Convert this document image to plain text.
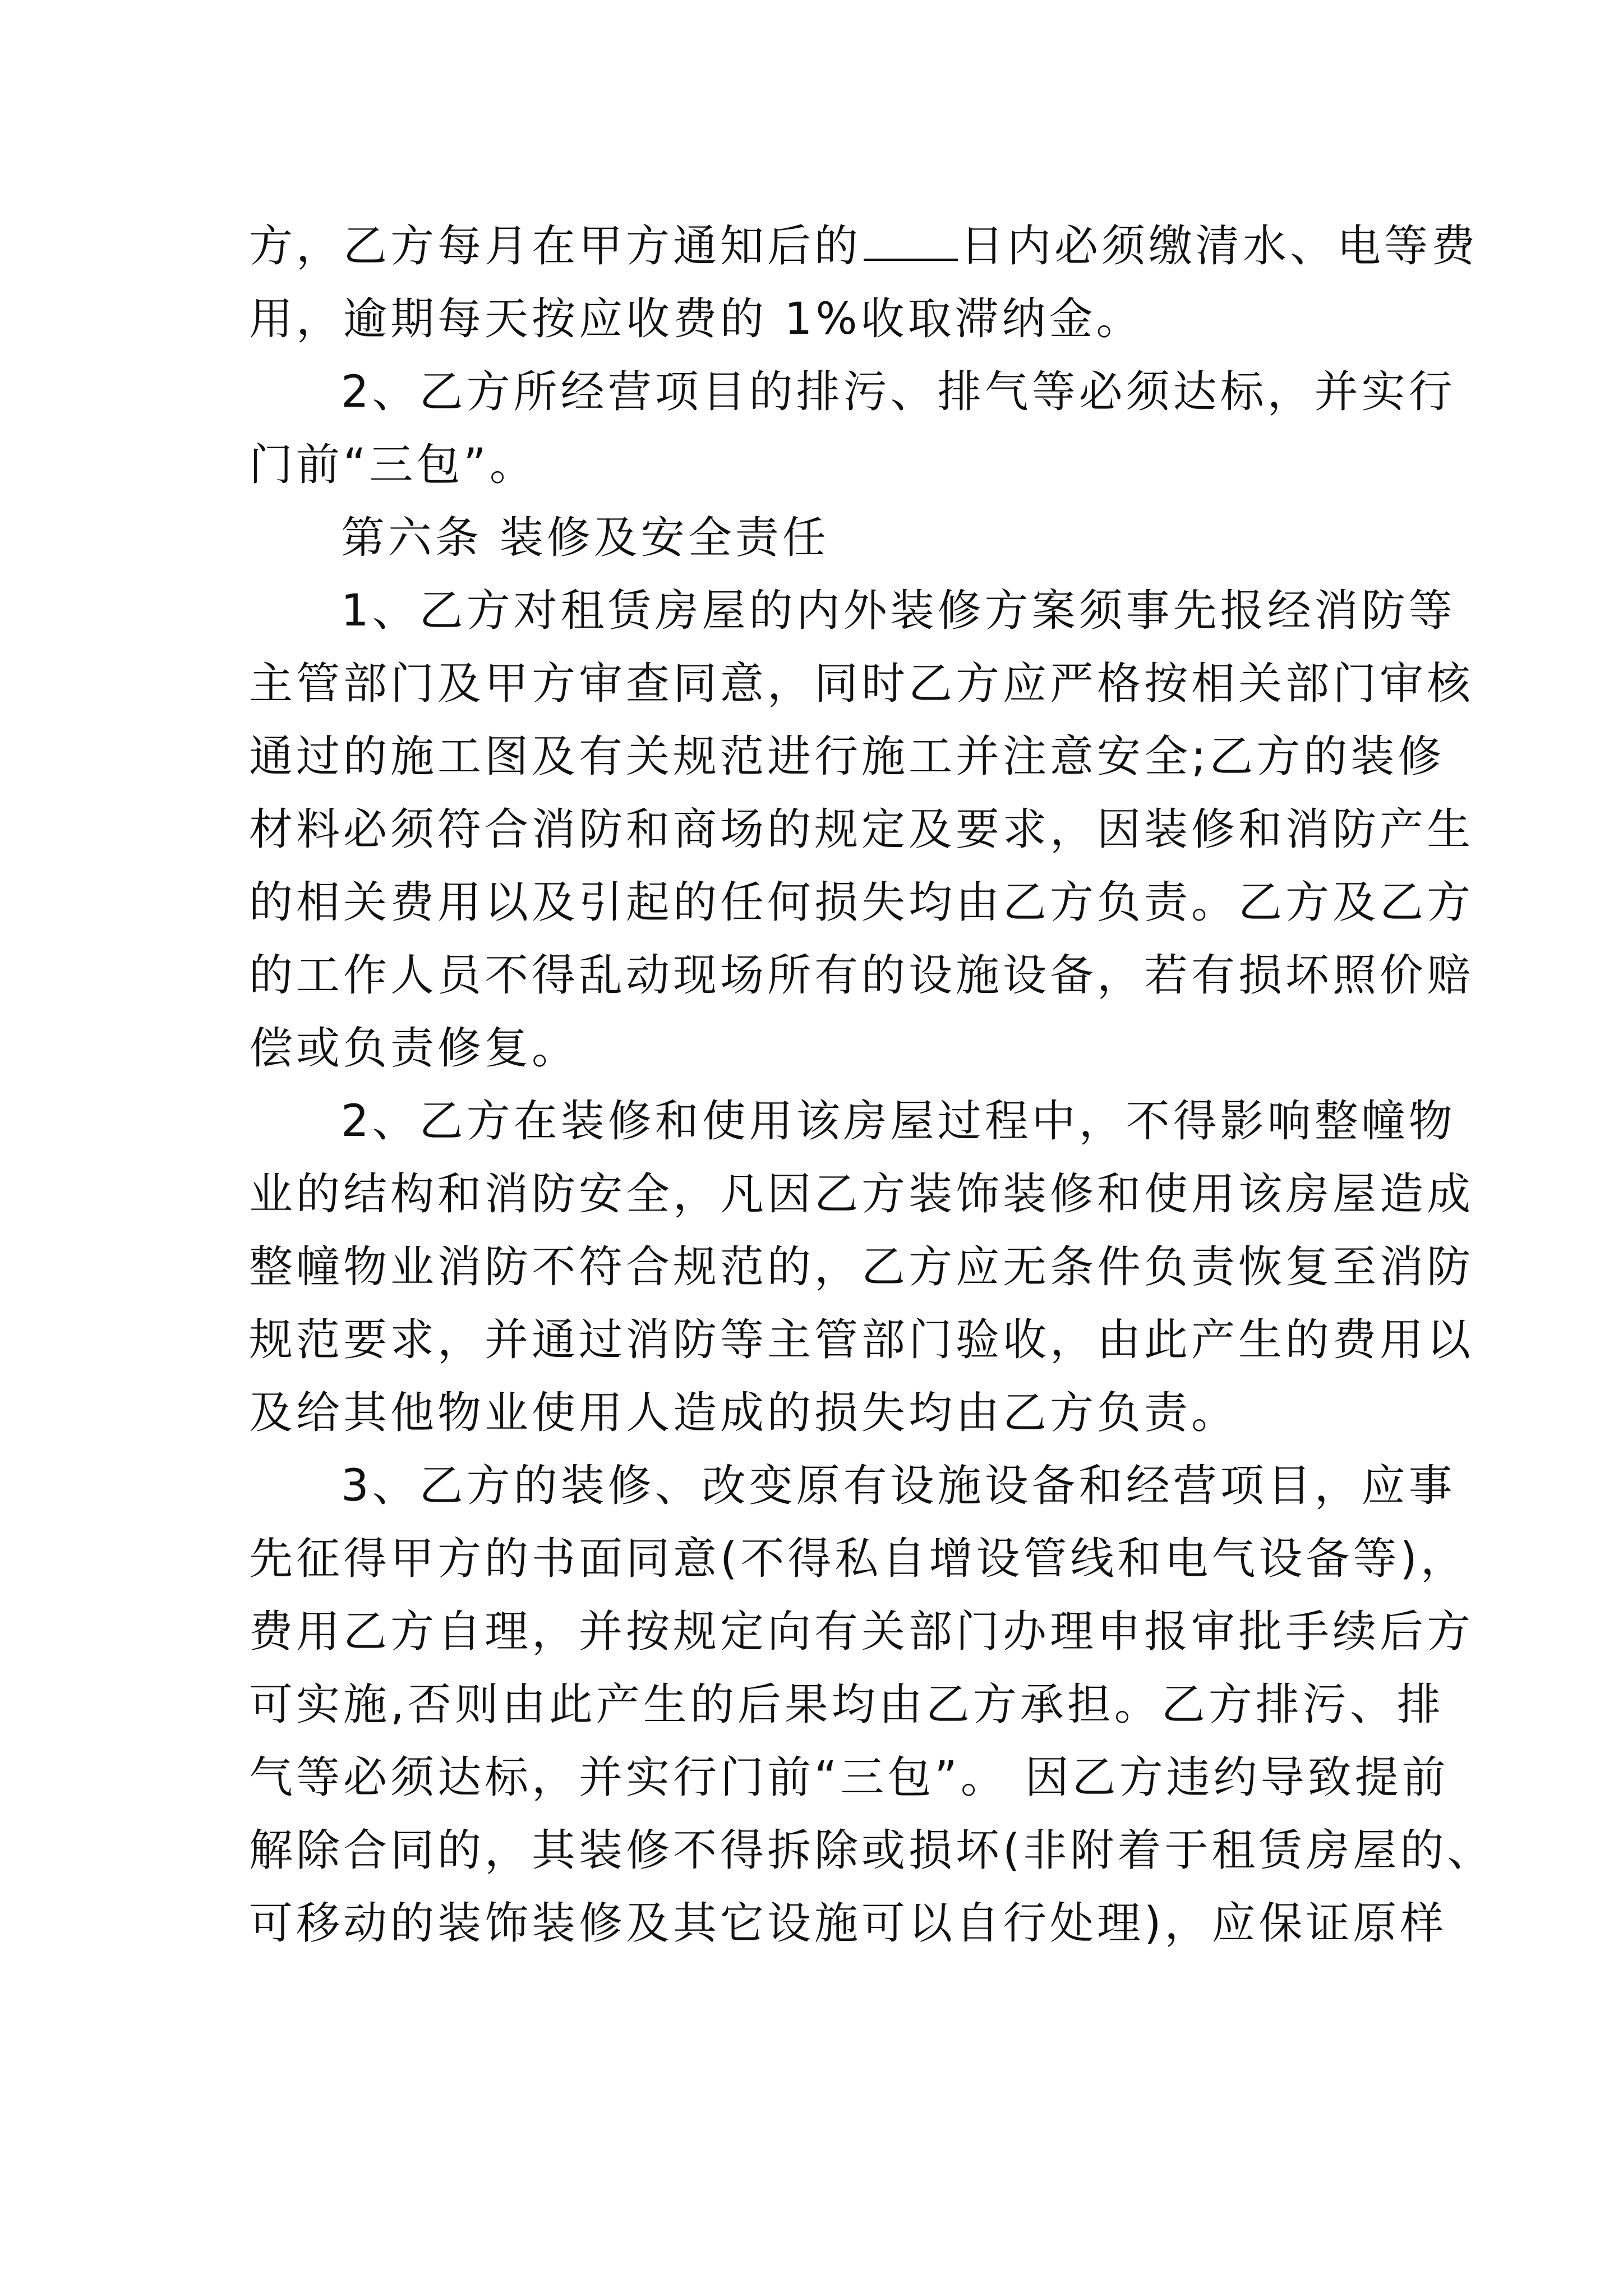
方，乙方每月在甲方通知后的 日内必须缴清水、电等费
用，逾期每天按应收费的 1%收取滞纳金。
2、乙方所经营项目的排污、排气等必须达标，并实行
门前“三包”。
第六条 装修及安全责任
1、乙方对租赁房屋的内外装修方案须事先报经消防等
主管部门及甲方审查同意，同时乙方应严格按相关部门审核
通过的施工图及有关规范进行施工并注意安全;乙方的装修
材料必须符合消防和商场的规定及要求，因装修和消防产生
的相关费用以及引起的任何损失均由乙方负责。乙方及乙方
的工作人员不得乱动现场所有的设施设备，若有损坏照价赔
偿或负责修复。
2、乙方在装修和使用该房屋过程中，不得影响整幢物
业的结构和消防安全，凡因乙方装饰装修和使用该房屋造成
整幢物业消防不符合规范的，乙方应无条件负责恢复至消防
规范要求，并通过消防等主管部门验收，由此产生的费用以
及给其他物业使用人造成的损失均由乙方负责。
3、乙方的装修、改变原有设施设备和经营项目，应事
先征得甲方的书面同意(不得私自增设管线和电气设备等)，
费用乙方自理，并按规定向有关部门办理申报审批手续后方
可实施,否则由此产生的后果均由乙方承担。乙方排污、排
气等必须达标，并实行门前“三包”。 因乙方违约导致提前
解除合同的，其装修不得拆除或损坏(非附着于租赁房屋的、
可移动的装饰装修及其它设施可以自行处理)，应保证原样
